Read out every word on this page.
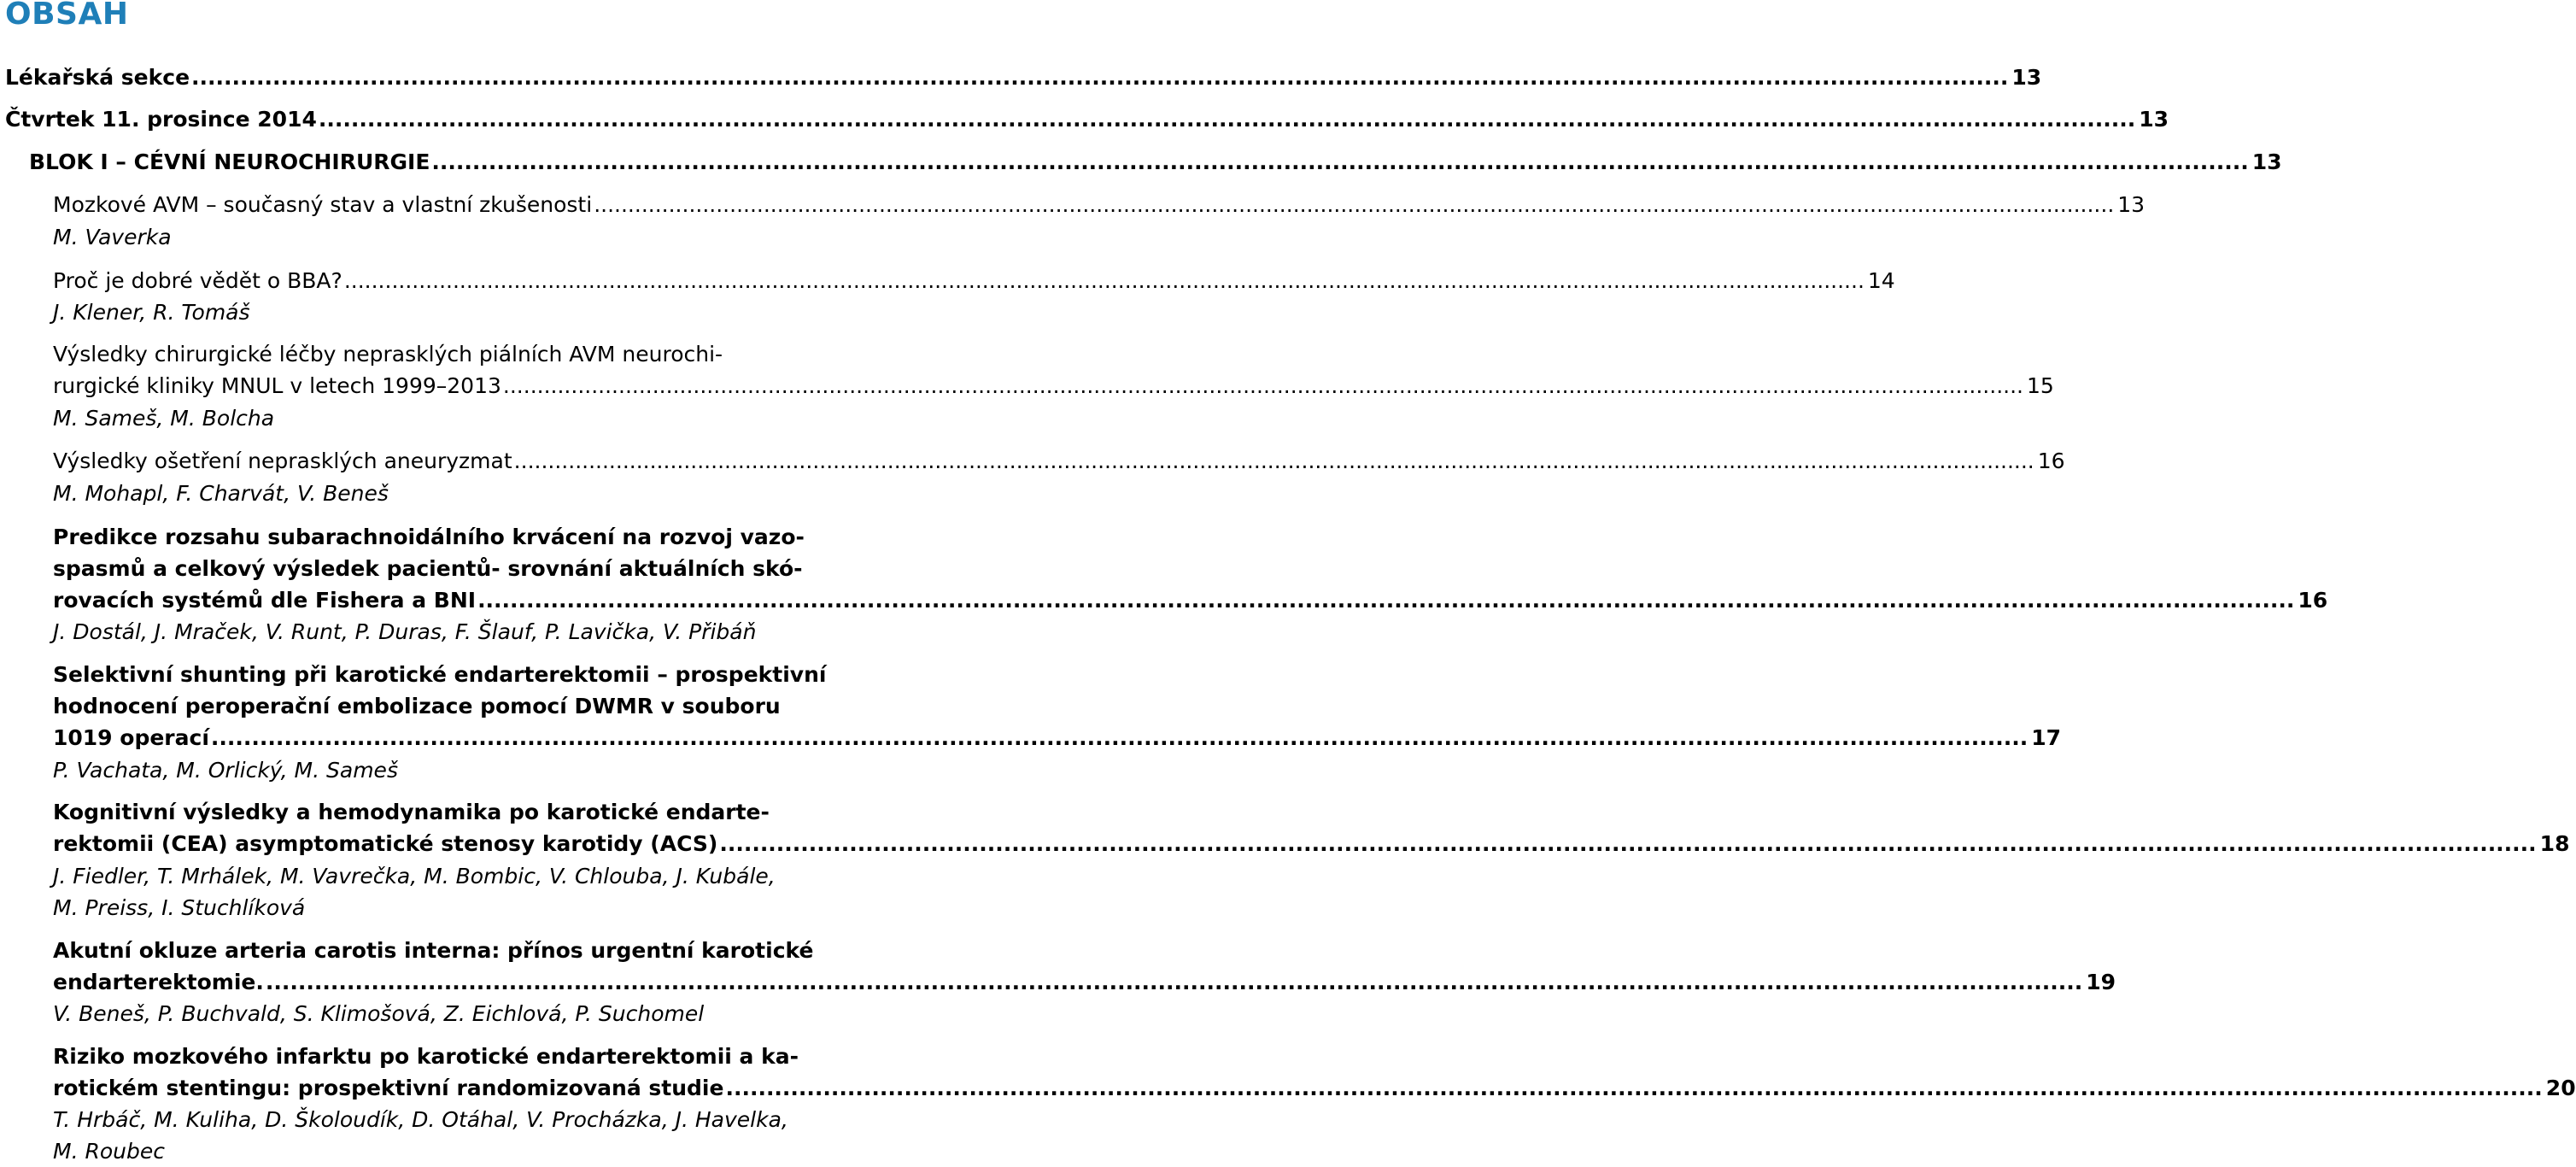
OBSAH
Lékařská sekce .....	13
Čtvrtek 11. prosince 2014 .....	13
BLOK I – CÉVNÍ NEUROCHIRURGIE .....	13
Mozkové AVM – současný stav a vlastní zkušenosti .....	13
M. Vaverka
Proč je dobré vědět o BBA? .....	14
J. Klener, R. Tomáš
Výsledky chirurgické léčby neprasklých piálních AVM neurochi-
rurgické kliniky MNUL v letech 1999–2013 .....	15
M. Sameš, M. Bolcha
Výsledky ošetření neprasklých aneuryzmat .....	16
M. Mohapl, F. Charvát, V. Beneš
Predikce rozsahu subarachnoidálního krvácení na rozvoj vazo-
spasmů a celkový výsledek pacientů- srovnání aktuálních skó-
rovacích systémů dle Fishera a BNI .....	16
J. Dostál, J. Mraček, V. Runt, P. Duras, F. Šlauf, P. Lavička, V. Přibáň
Selektivní shunting při karotické endarterektomii – prospektivní
hodnocení peroperační embolizace pomocí DWMR v souboru
1019 operací .....	17
P. Vachata, M. Orlický, M. Sameš
Kognitivní výsledky a hemodynamika po karotické endarte-
rektomii (CEA) asymptomatické stenosy karotidy (ACS) .....	18
J. Fiedler, T. Mrhálek, M. Vavrečka, M. Bombic, V. Chlouba, J. Kubále,
M. Preiss, I. Stuchlíková
Akutní okluze arteria carotis interna: přínos urgentní karotické
endarterektomie. .....	19
V. Beneš, P. Buchvald, S. Klimošová, Z. Eichlová, P. Suchomel
Riziko mozkového infarktu po karotické endarterektomii a ka-
rotickém stentingu: prospektivní randomizovaná studie .....	20
T. Hrbáč, M. Kuliha, D. Školoudík, D. Otáhal, V. Procházka, J. Havelka,
M. Roubec
